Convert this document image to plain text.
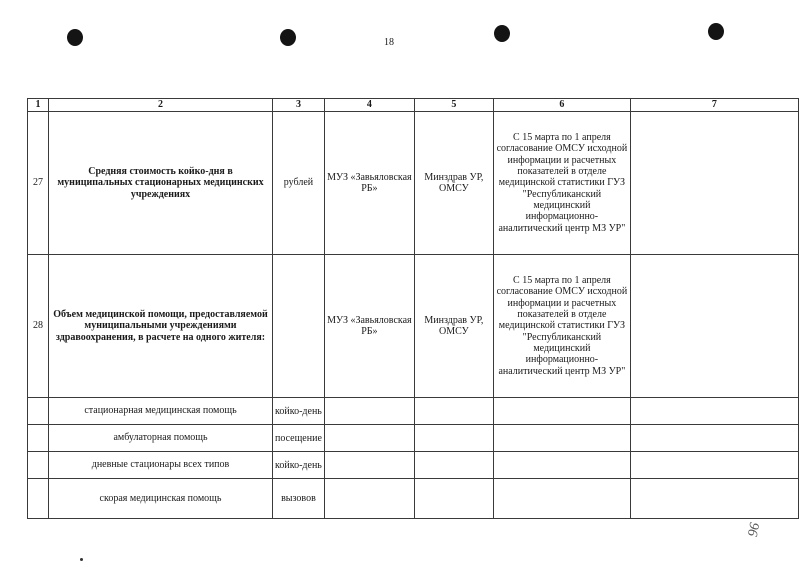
18
1	2	3	4	5	6	7
27	Средняя стоимость койко-дня в муниципальных стационарных медицинских учреждениях	рублей	МУЗ «Завьяловская РБ»	Минздрав УР, ОМСУ	С 15 марта по 1 апреля согласование ОМСУ исходной информации и расчетных показателей в отделе медицинской статистики ГУЗ "Республиканский медицинский информационно-аналитический центр МЗ УР"	
28	Объем медицинской помощи, предоставляемой муниципальными учреждениями здравоохранения, в расчете на одного жителя:		МУЗ «Завьяловская РБ»	Минздрав УР, ОМСУ	С 15 марта по 1 апреля согласование ОМСУ исходной информации и расчетных показателей в отделе медицинской статистики ГУЗ "Республиканский медицинский информационно-аналитический центр МЗ УР"	
	стационарная медицинская помощь	койко-день				
	амбулаторная помощь	посещение				
	дневные стационары всех типов	койко-день				
	скорая медицинская помощь	вызовов				
96
